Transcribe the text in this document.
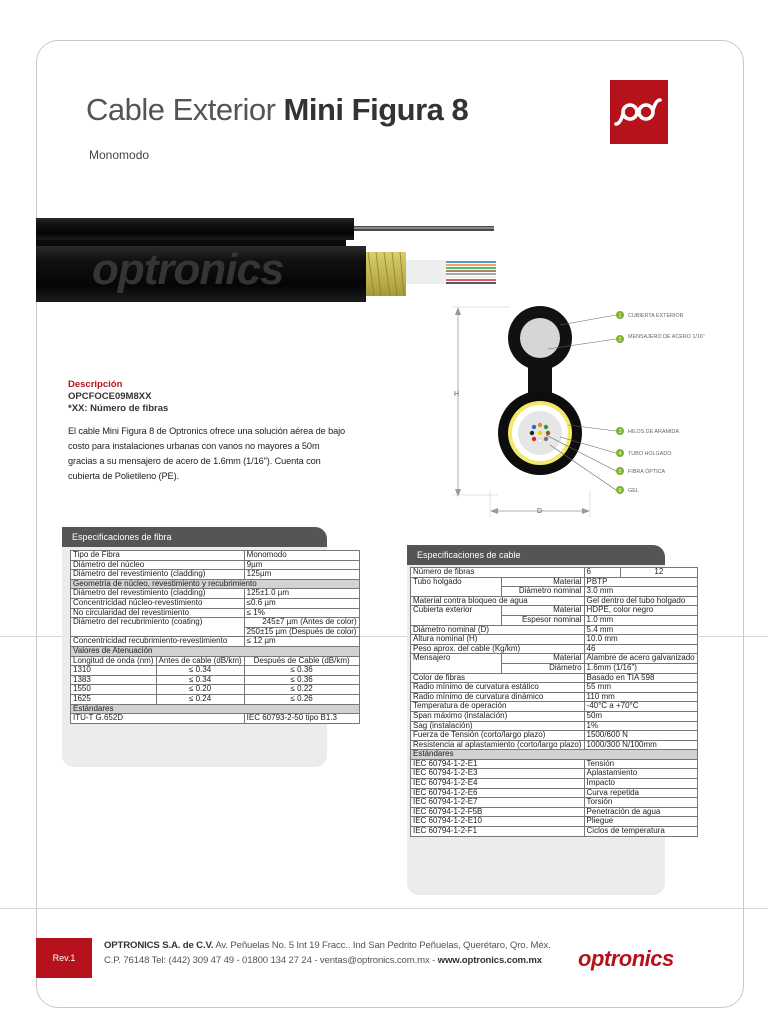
Cable Exterior Mini Figura 8
Monomodo
optronics
H
D
1 CUBIERTA EXTERIOR
2
MENSAJERO DE ACERO 1/16"
3 HILOS DE ARAMIDA
4 TUBO HOLGADO
5 FIBRA ÓPTICA
6 GEL
Descripción
OPCFOCE09M8XX
*XX: Número de fibras
El cable Mini Figura 8 de Optronics ofrece una solución aérea de bajo costo para instalaciones urbanas con vanos no mayores a 50m gracias a su mensajero de acero de 1.6mm (1/16"). Cuenta con cubierta de Polietileno (PE).
Especificaciones de fibra
Tipo de Fibra		Monomodo
Diámetro del núcleo		9µm
Diámetro del revestimiento (cladding)		125µm
Geometría de núcleo, revestimiento y recubrimiento		
Diámetro del revestimiento (cladding)		125±1.0 µm
Concentricidad núcleo-revestimiento		≤0.6 µm
No circularidad del revestimiento		≤ 1%
Diámetro del recubrimiento (coating)		245±7 µm (Antes de color)
		250±15 µm (Después de color)
Concentricidad recubrimiento-revestimiento		≤ 12 µm
Valores de Atenuación		
Longitud de onda (nm)	Antes de cable (dB/km)	Después de Cable (dB/km)
1310	≤ 0.34	≤ 0.36
1383	≤ 0.34	≤ 0.36
1550	≤ 0.20	≤ 0.22
1625	≤ 0.24	≤ 0.26
Estándares		
ITU-T G.652D		IEC 60793-2-50 tipo B1.3
Especificaciones de cable
Número de fibras		6	12
Tubo holgado	Material	PBTP	
	Diámetro nominal	3.0 mm	
Material contra bloqueo de agua		Gel dentro del tubo holgado	
Cubierta exterior	Material	HDPE, color negro	
	Espesor nominal	1.0 mm	
Diámetro nominal (D)		5.4 mm	
Altura nominal (H)		10.0 mm	
Peso aprox. del cable (Kg/km)		46	
Mensajero	Material	Alambre de acero galvanizado	
	Diámetro	1.6mm (1/16")	
Color de fibras		Basado en TIA 598	
Radio mínimo de curvatura estático		55 mm	
Radio mínimo de curvatura dinámico		110 mm	
Temperatura de operación		-40°C a +70°C	
Span máximo (instalación)		50m	
Sag (instalación)		1%	
Fuerza de Tensión (corto/largo plazo)		1500/600 N	
Resistencia al aplastamiento (corto/largo plazo)		1000/300 N/100mm	
Estándares			
IEC 60794-1-2-E1		Tensión	
IEC 60794-1-2-E3		Aplastamiento	
IEC 60794-1-2-E4		Impacto	
IEC 60794-1-2-E6		Curva repetida	
IEC 60794-1-2-E7		Torsión	
IEC 60794-1-2-F5B		Penetración de agua	
IEC 60794-1-2-E10		Pliegue	
IEC 60794-1-2-F1		Ciclos de temperatura	
Rev.1
OPTRONICS S.A. de C.V. Av. Peñuelas No. 5 Int 19 Fracc.. Ind San Pedrito Peñuelas, Querétaro, Qro. Méx.
C.P. 76148 Tel: (442) 309 47 49 - 01800 134 27 24 - ventas@optronics.com.mx - www.optronics.com.mx optronics
